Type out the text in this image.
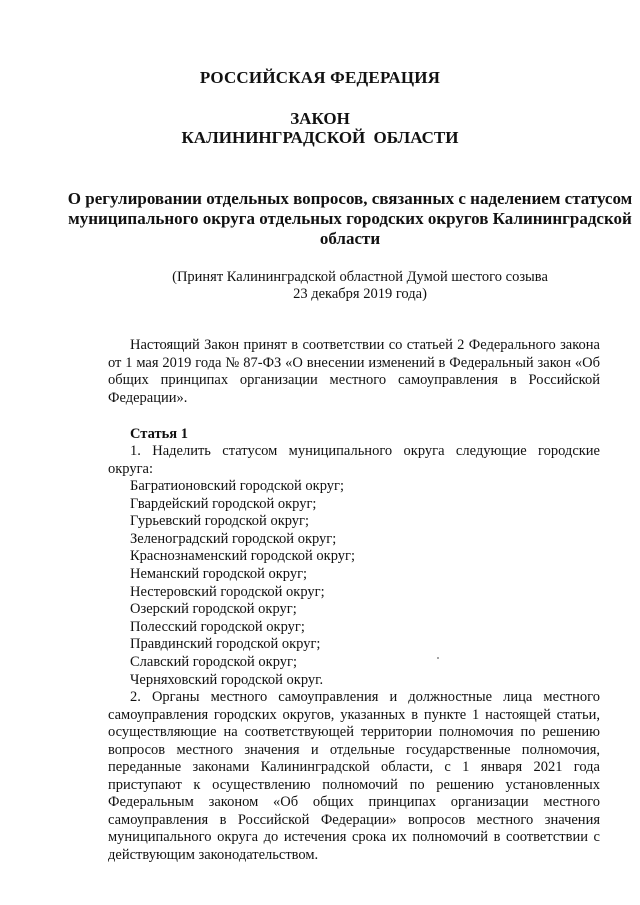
РОССИЙСКАЯ ФЕДЕРАЦИЯ
ЗАКОН
КАЛИНИНГРАДСКОЙ ОБЛАСТИ
О регулировании отдельных вопросов, связанных с наделением статусом муниципального округа отдельных городских округов Калининградской области
(Принят Калининградской областной Думой шестого созыва
23 декабря 2019 года)

Настоящий Закон принят в соответствии со статьей 2 Федерального закона от 1 мая 2019 года № 87-ФЗ «О внесении изменений в Федеральный закон «Об общих принципах организации местного самоуправления в Российской Федерации».

Статья 1

1. Наделить статусом муниципального округа следующие городские округа:

Багратионовский городской округ;
Гвардейский городской округ;
Гурьевский городской округ;
Зеленоградский городской округ;
Краснознаменский городской округ;
Неманский городской округ;
Нестеровский городской округ;
Озерский городской округ;
Полесский городской округ;
Правдинский городской округ;
Славский городской округ;
Черняховский городской округ.

2. Органы местного самоуправления и должностные лица местного самоуправления городских округов, указанных в пункте 1 настоящей статьи, осуществляющие на соответствующей территории полномочия по решению вопросов местного значения и отдельные государственные полномочия, переданные законами Калининградской области, с 1 января 2021 года приступают к осуществлению полномочий по решению установленных Федеральным законом «Об общих принципах организации местного самоуправления в Российской Федерации» вопросов местного значения муниципального округа до истечения срока их полномочий в соответствии с действующим законодательством.
